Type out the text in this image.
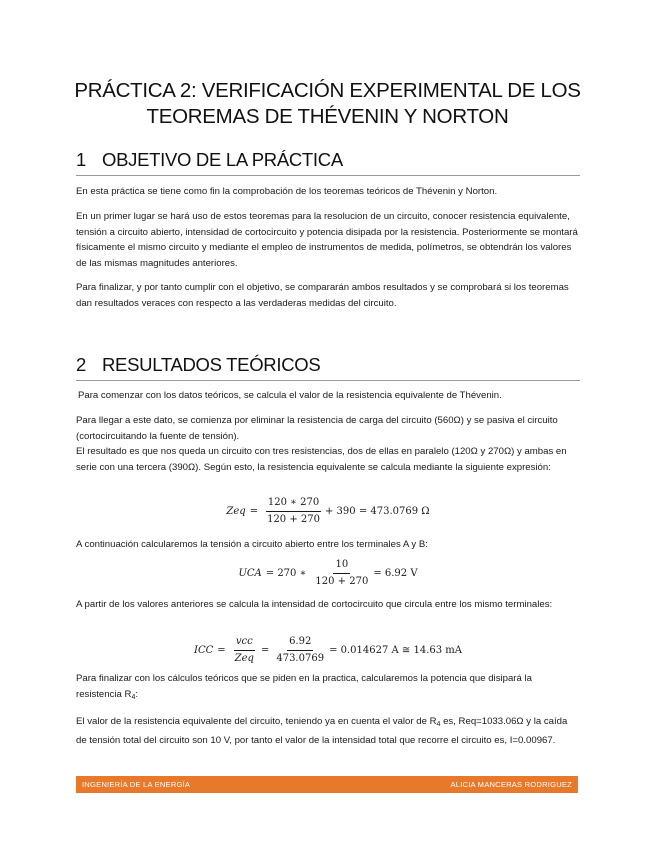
PRÁCTICA 2: VERIFICACIÓN EXPERIMENTAL DE LOS
TEOREMAS DE THÉVENIN Y NORTON
1 OBJETIVO DE LA PRÁCTICA
En esta práctica se tiene como fin la comprobación de los teoremas teóricos de Thévenin y Norton.
En un primer lugar se hará uso de estos teoremas para la resolucion de un circuito, conocer resistencia equivalente, tensión a circuito abierto, intensidad de cortocircuito y potencia disipada por la resistencia. Posteriormente se montará físicamente el mismo circuito y mediante el empleo de instrumentos de medida, polímetros, se obtendrán los valores de las mismas magnitudes anteriores.
Para finalizar, y por tanto cumplir con el objetivo, se compararán ambos resultados y se comprobará si los teoremas dan resultados veraces con respecto a las verdaderas medidas del circuito.
2 RESULTADOS TEÓRICOS
Para comenzar con los datos teóricos, se calcula el valor de la resistencia equivalente de Thévenin.
Para llegar a este dato, se comienza por eliminar la resistencia de carga del circuito (560Ω) y se pasiva el circuito (cortocircuitando la fuente de tensión).
El resultado es que nos queda un circuito con tres resistencias, dos de ellas en paralelo (120Ω y 270Ω) y ambas en serie con una tercera (390Ω). Según esto, la resistencia equivalente se calcula mediante la siguiente expresión:
Zeq = $\frac{120 ∗ 270}{120 + 270} + 390 = 473.0769$ Ω
A continuación calcularemos la tensión a circuito abierto entre los terminales A y B:
UCA = 270 ∗ $\frac{10}{120 + 270} = 6.92$ V
A partir de los valores anteriores se calcula la intensidad de cortocircuito que circula entre los mismo terminales:
ICC = $\frac{\text{vcc}}{\text{Zeq}} = \frac{6.92}{473.0769} = 0.014627$ A ≅ 14.63 mA
Para finalizar con los cálculos teóricos que se piden en la practica, calcularemos la potencia que disipará la resistencia $R_4$:
El valor de la resistencia equivalente del circuito, teniendo ya en cuenta el valor de $R_4$ es, Req=1033.06Ω y la caída de tensión total del circuito son 10 V, por tanto el valor de la intensidad total que recorre el circuito es, I=0.00967.
INGENIERÍA DE LA ENERGÍA	ALICIA MANCERAS RODRIGUEZ
